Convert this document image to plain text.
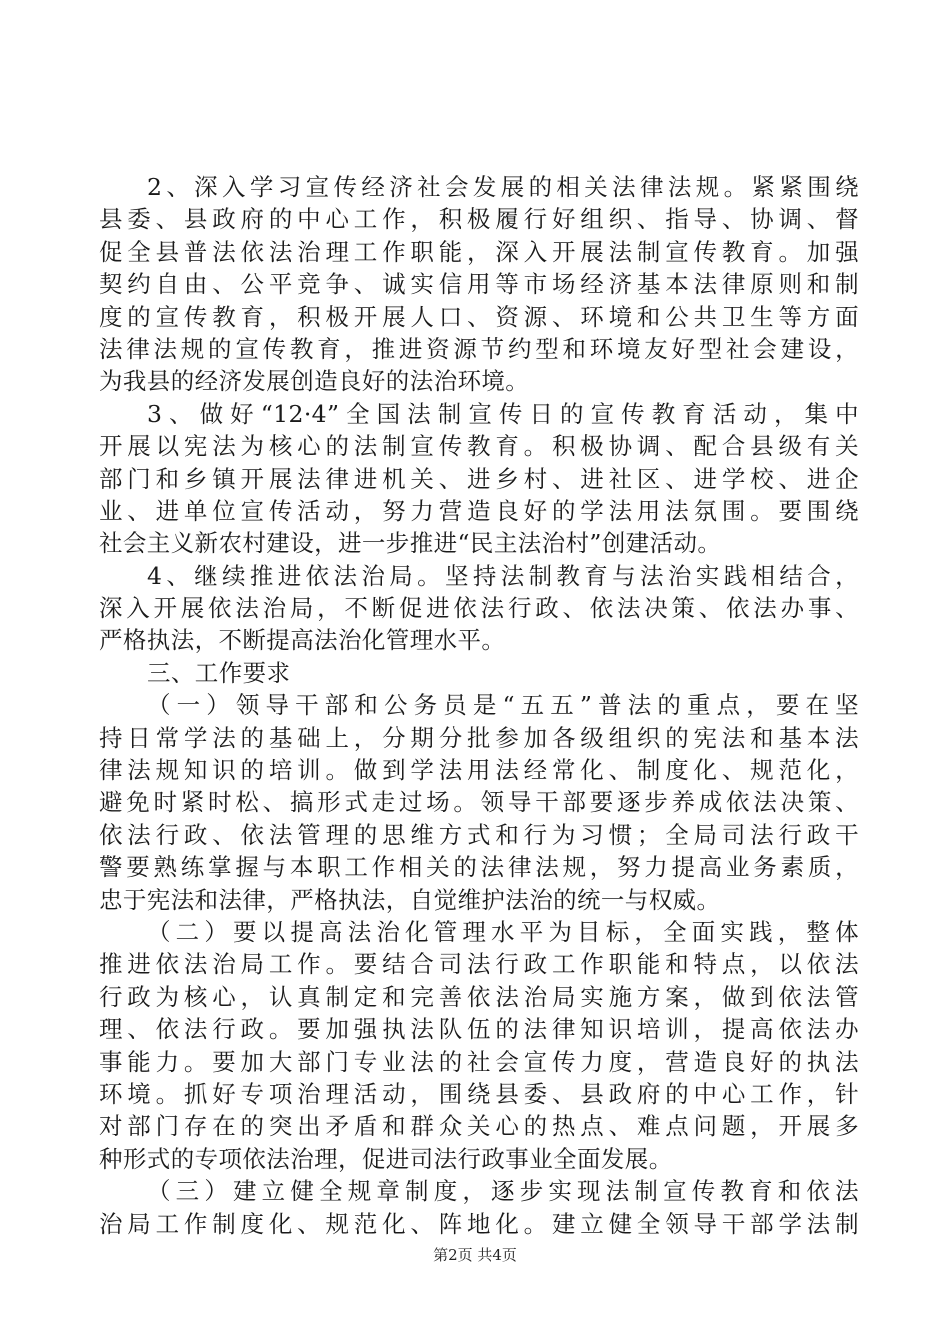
2、深入学习宣传经济社会发展的相关法律法规。紧紧围绕
县委、县政府的中心工作，积极履行好组织、指导、协调、督
促全县普法依法治理工作职能，深入开展法制宣传教育。加强
契约自由、公平竞争、诚实信用等市场经济基本法律原则和制
度的宣传教育，积极开展人口、资源、环境和公共卫生等方面
法律法规的宣传教育，推进资源节约型和环境友好型社会建设，
为我县的经济发展创造良好的法治环境。
3、做好“12·4”全国法制宣传日的宣传教育活动，集中
开展以宪法为核心的法制宣传教育。积极协调、配合县级有关
部门和乡镇开展法律进机关、进乡村、进社区、进学校、进企
业、进单位宣传活动，努力营造良好的学法用法氛围。要围绕
社会主义新农村建设，进一步推进“民主法治村”创建活动。
4、继续推进依法治局。坚持法制教育与法治实践相结合，
深入开展依法治局，不断促进依法行政、依法决策、依法办事、
严格执法，不断提高法治化管理水平。
三、工作要求
（一）领导干部和公务员是“五五”普法的重点，要在坚
持日常学法的基础上，分期分批参加各级组织的宪法和基本法
律法规知识的培训。做到学法用法经常化、制度化、规范化，
避免时紧时松、搞形式走过场。领导干部要逐步养成依法决策、
依法行政、依法管理的思维方式和行为习惯；全局司法行政干
警要熟练掌握与本职工作相关的法律法规，努力提高业务素质，
忠于宪法和法律，严格执法，自觉维护法治的统一与权威。
（二）要以提高法治化管理水平为目标，全面实践，整体
推进依法治局工作。要结合司法行政工作职能和特点，以依法
行政为核心，认真制定和完善依法治局实施方案，做到依法管
理、依法行政。要加强执法队伍的法律知识培训，提高依法办
事能力。要加大部门专业法的社会宣传力度，营造良好的执法
环境。抓好专项治理活动，围绕县委、县政府的中心工作，针
对部门存在的突出矛盾和群众关心的热点、难点问题，开展多
种形式的专项依法治理，促进司法行政事业全面发展。
（三）建立健全规章制度，逐步实现法制宣传教育和依法
治局工作制度化、规范化、阵地化。建立健全领导干部学法制
第2页 共4页
